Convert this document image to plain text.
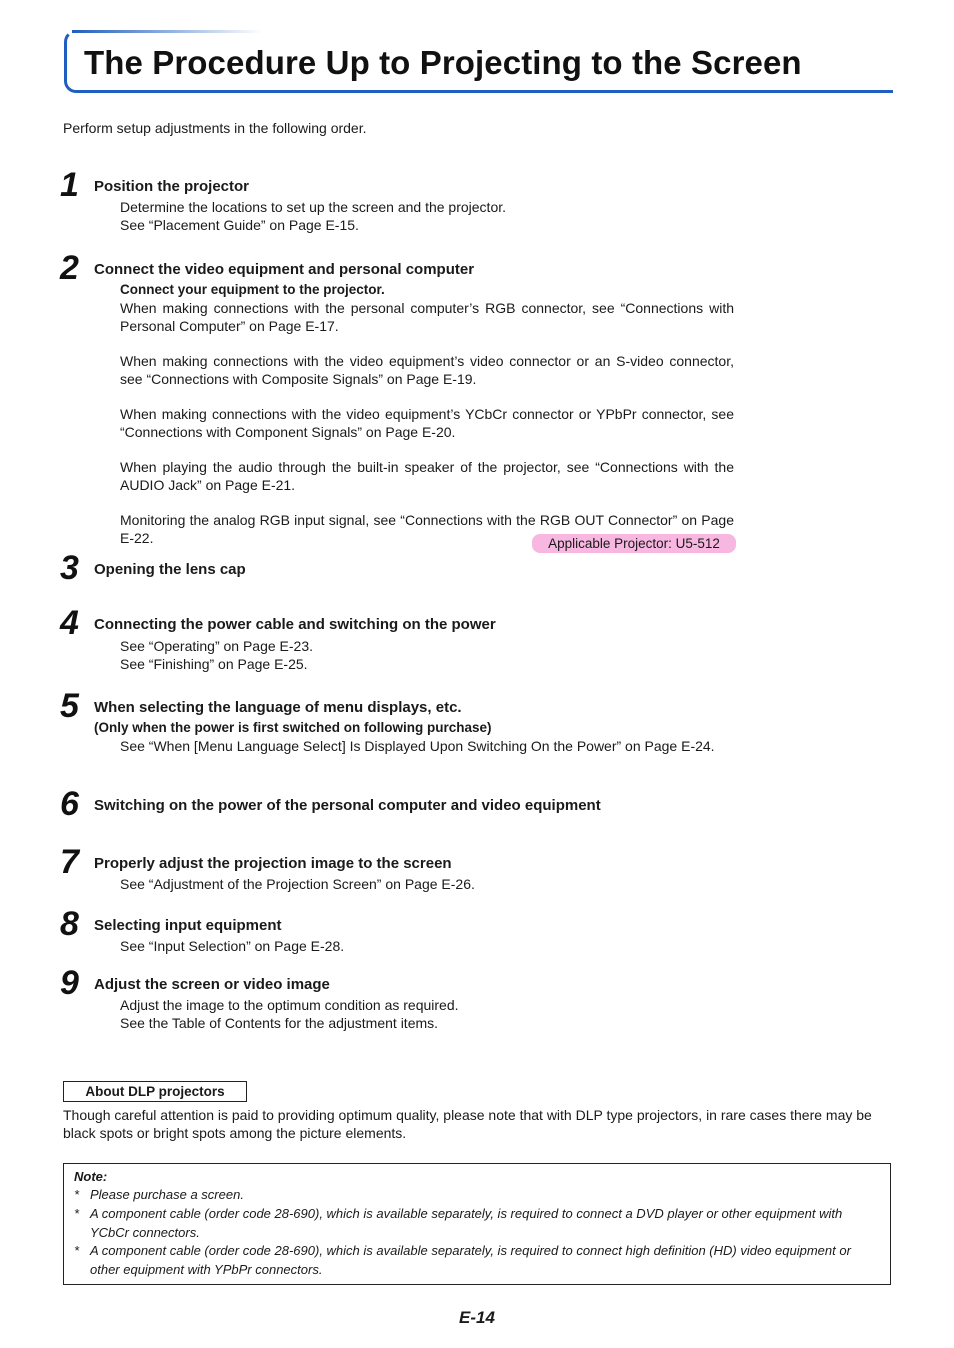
The Procedure Up to Projecting to the Screen
Perform setup adjustments in the following order.
1	Position the projector

Determine the locations to set up the screen and the projector.

See “Placement Guide” on Page E-15.

2	Connect the video equipment and personal computer

Connect your equipment to the projector.

When making connections with the personal computer’s RGB connector, see “Connections with Personal Computer” on Page E-17.

When making connections with the video equipment’s video connector or an S-video connector, see “Connections with Composite Signals” on Page E-19.

When making connections with the video equipment’s YCbCr connector or YPbPr connector, see “Connections with Component Signals” on Page E-20.

When playing the audio through the built-in speaker of the projector, see “Connections with the AUDIO Jack” on Page E-21.

Monitoring the analog RGB input signal, see “Connections with the RGB OUT Connector” on Page E-22.	Applicable Projector: U5-512
3	Opening the lens cap
4	Connecting the power cable and switching on the power

See “Operating” on Page E-23.

See “Finishing” on Page E-25.

5	When selecting the language of menu displays, etc.
(Only when the power is first switched on following purchase)

See “When [Menu Language Select] Is Displayed Upon Switching On the Power” on Page E-24.

6	Switching on the power of the personal computer and video equipment
7	Properly adjust the projection image to the screen

See “Adjustment of the Projection Screen” on Page E-26.

8	Selecting input equipment

See “Input Selection” on Page E-28.

9	Adjust the screen or video image

Adjust the image to the optimum condition as required.

See the Table of Contents for the adjustment items.

About DLP projectors
Though careful attention is paid to providing optimum quality, please note that with DLP type projectors, in rare cases there may be black spots or bright spots among the picture elements.
Note:
* Please purchase a screen.
* A component cable (order code 28-690), which is available separately, is required to connect a DVD player or other equipment with YCbCr connectors.
* A component cable (order code 28-690), which is available separately, is required to connect high definition (HD) video equipment or other equipment with YPbPr connectors.
E-14
